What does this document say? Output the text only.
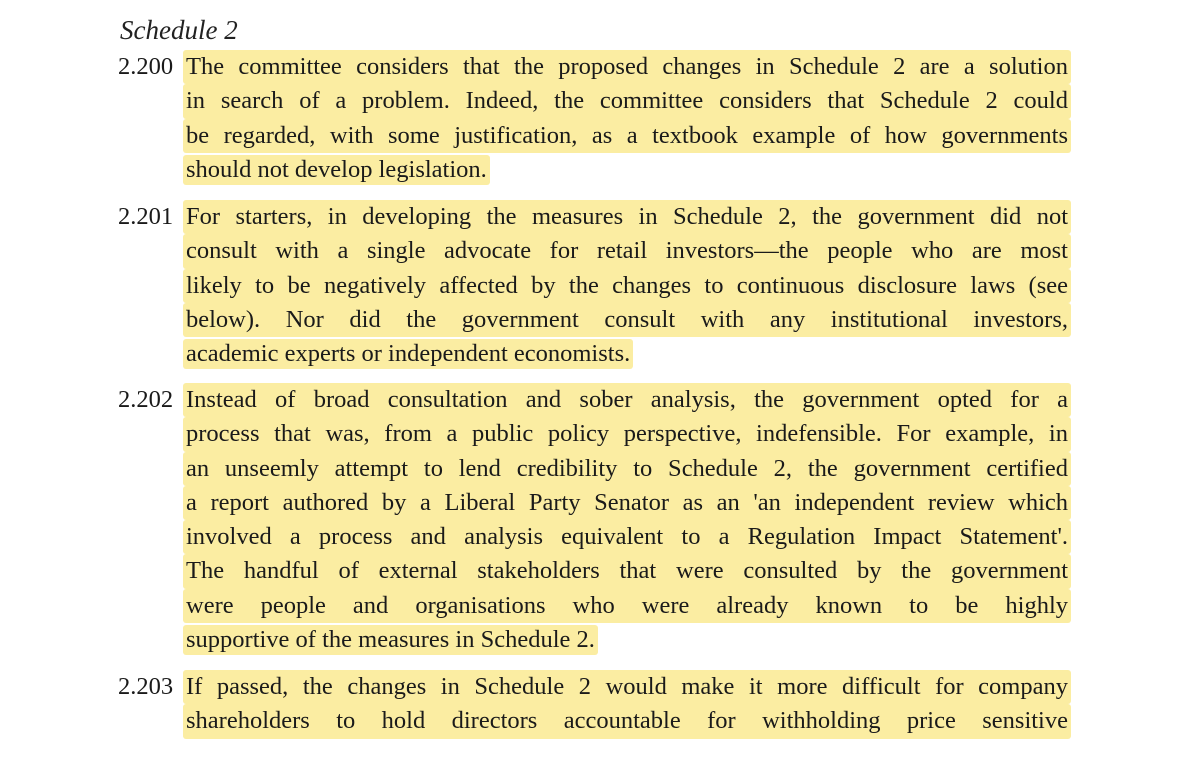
Schedule 2
2.200 The committee considers that the proposed changes in Schedule 2 are a solution
in search of a problem. Indeed, the committee considers that Schedule 2 could
be regarded, with some justification, as a textbook example of how governments
should not develop legislation.
2.201 For starters, in developing the measures in Schedule 2, the government did not
consult with a single advocate for retail investors—the people who are most
likely to be negatively affected by the changes to continuous disclosure laws (see
below). Nor did the government consult with any institutional investors,
academic experts or independent economists.
2.202 Instead of broad consultation and sober analysis, the government opted for a
process that was, from a public policy perspective, indefensible. For example, in
an unseemly attempt to lend credibility to Schedule 2, the government certified
a report authored by a Liberal Party Senator as an 'an independent review which
involved a process and analysis equivalent to a Regulation Impact Statement'.
The handful of external stakeholders that were consulted by the government
were people and organisations who were already known to be highly
supportive of the measures in Schedule 2.
2.203 If passed, the changes in Schedule 2 would make it more difficult for company
shareholders to hold directors accountable for withholding price sensitive
